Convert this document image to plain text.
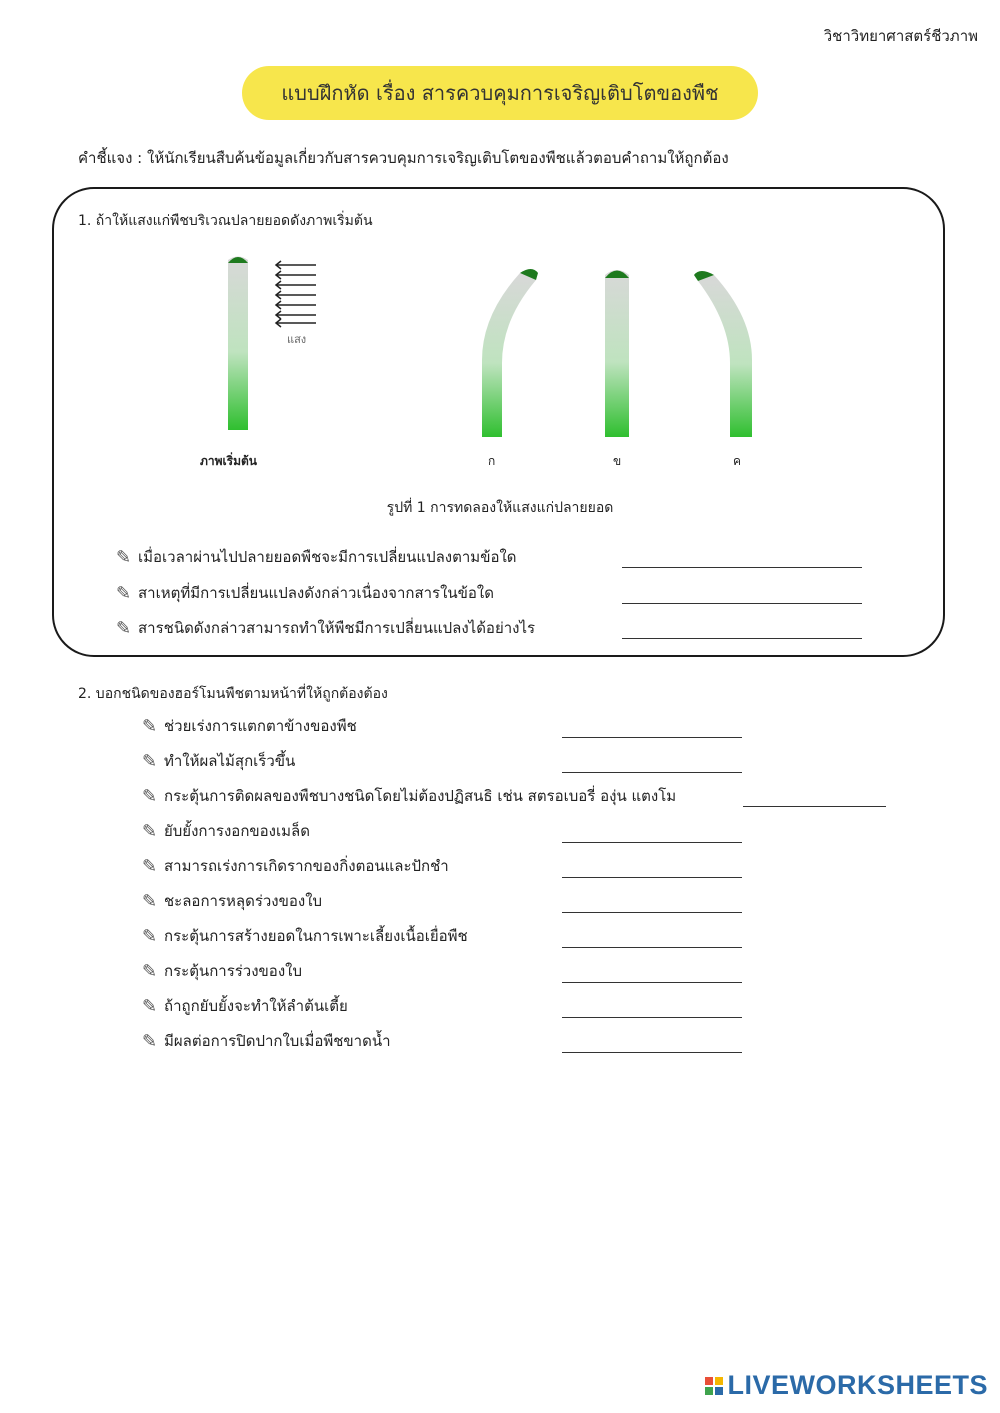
วิชาวิทยาศาสตร์ชีวภาพ
แบบฝึกหัด เรื่อง สารควบคุมการเจริญเติบโตของพืช
คำชี้แจง : ให้นักเรียนสืบค้นข้อมูลเกี่ยวกับสารควบคุมการเจริญเติบโตของพืชแล้วตอบคำถามให้ถูกต้อง
1. ถ้าให้แสงแก่พืชบริเวณปลายยอดดังภาพเริ่มต้น
แสง
ภาพเริ่มต้น	ก	ข	ค
รูปที่ 1 การทดลองให้แสงแก่ปลายยอด
✎ เมื่อเวลาผ่านไปปลายยอดพืชจะมีการเปลี่ยนแปลงตามข้อใด
✎ สาเหตุที่มีการเปลี่ยนแปลงดังกล่าวเนื่องจากสารในข้อใด
✎ สารชนิดดังกล่าวสามารถทำให้พืชมีการเปลี่ยนแปลงได้อย่างไร
2. บอกชนิดของฮอร์โมนพืชตามหน้าที่ให้ถูกต้องต้อง
✎ ช่วยเร่งการแตกตาข้างของพืช
✎ ทำให้ผลไม้สุกเร็วขึ้น
✎ กระตุ้นการติดผลของพืชบางชนิดโดยไม่ต้องปฏิสนธิ เช่น สตรอเบอรี่ องุ่น แตงโม
✎ ยับยั้งการงอกของเมล็ด
✎ สามารถเร่งการเกิดรากของกิ่งตอนและปักชำ
✎ ชะลอการหลุดร่วงของใบ
✎ กระตุ้นการสร้างยอดในการเพาะเลี้ยงเนื้อเยื่อพืช
✎ กระตุ้นการร่วงของใบ
✎ ถ้าถูกยับยั้งจะทำให้ลำต้นเตี้ย
✎ มีผลต่อการปิดปากใบเมื่อพืชขาดน้ำ
LIVEWORKSHEETS
